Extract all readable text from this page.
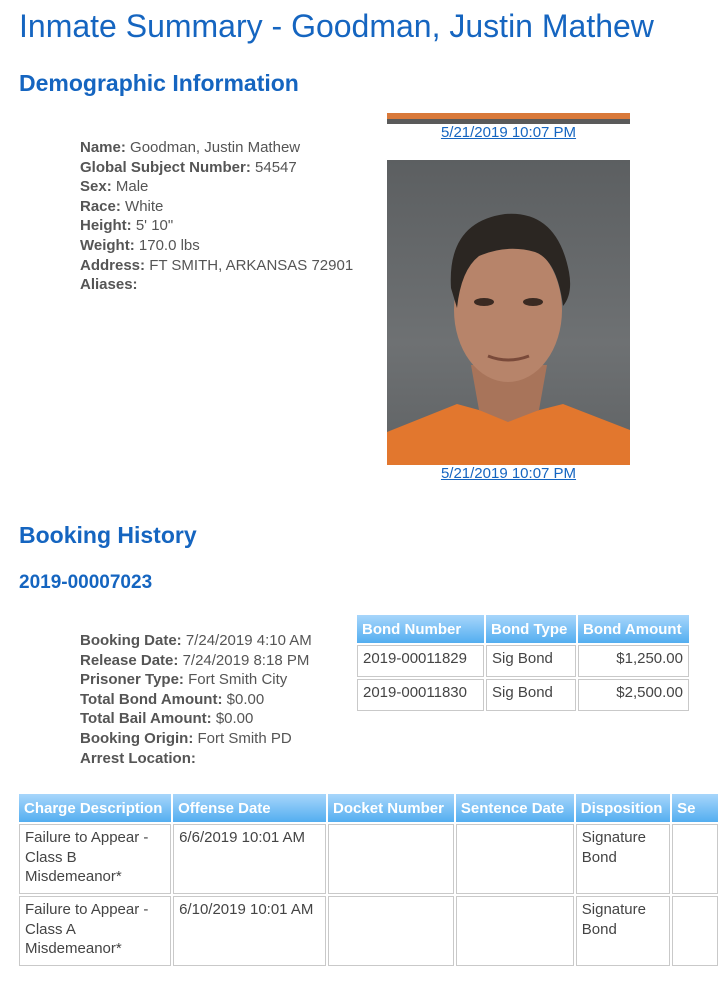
Inmate Summary - Goodman, Justin Mathew
Demographic Information
Name: Goodman, Justin Mathew
Global Subject Number: 54547
Sex: Male
Race: White
Height: 5' 10"
Weight: 170.0 lbs
Address: FT SMITH, ARKANSAS 72901
Aliases:
5/21/2019 10:07 PM
5/21/2019 10:07 PM
Booking History
2019-00007023
Booking Date: 7/24/2019 4:10 AM
Release Date: 7/24/2019 8:18 PM
Prisoner Type: Fort Smith City
Total Bond Amount: $0.00
Total Bail Amount: $0.00
Booking Origin: Fort Smith PD
Arrest Location:
Bond Number	Bond Type	Bond Amount
2019-00011829	Sig Bond	$1,250.00
2019-00011830	Sig Bond	$2,500.00
Charge Description	Offense Date	Docket Number	Sentence Date	Disposition	Se
Failure to Appear - Class B Misdemeanor*	6/6/2019 10:01 AM			Signature Bond	
Failure to Appear - Class A Misdemeanor*	6/10/2019 10:01 AM			Signature Bond	
